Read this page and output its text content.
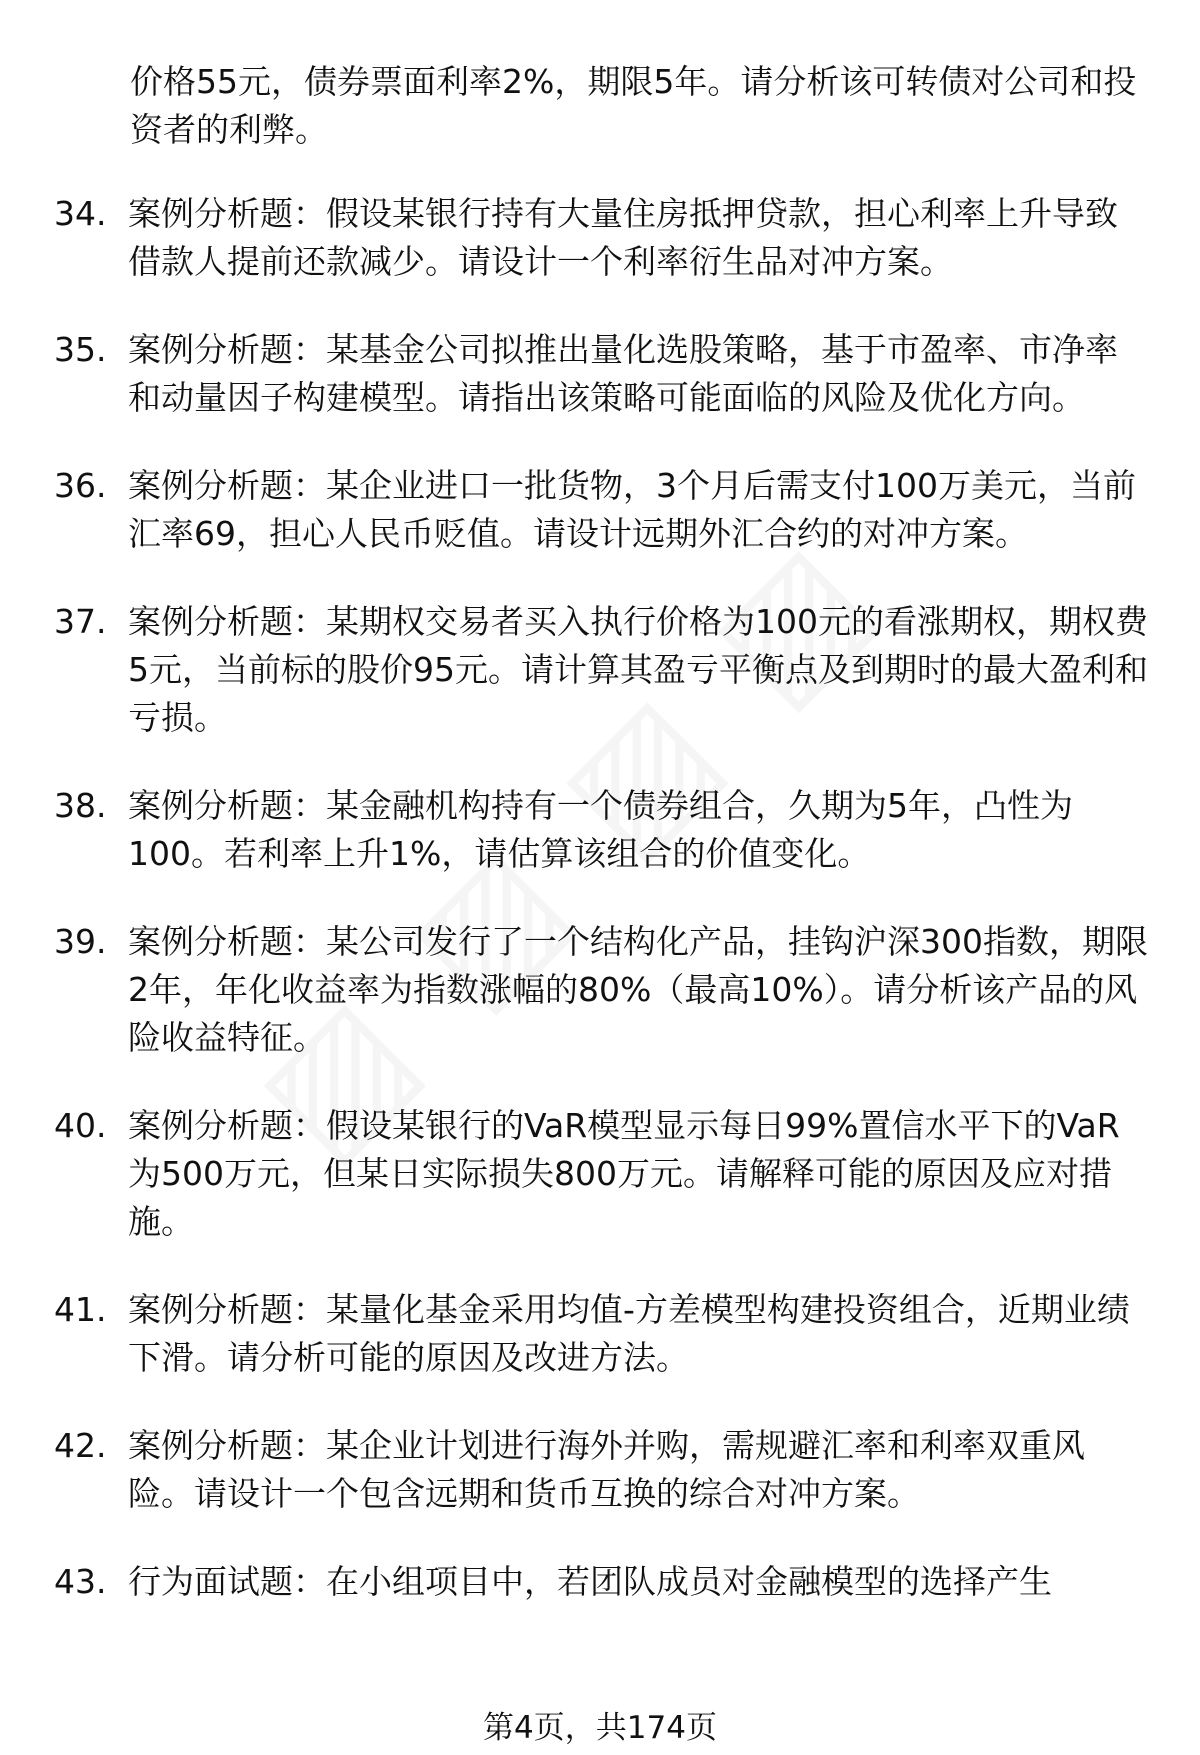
价格55元，债券票面利率2%，期限5年。请分析该可转债对公司和投资者的利弊。
34. 案例分析题：假设某银行持有大量住房抵押贷款，担心利率上升导致借款人提前还款减少。请设计一个利率衍生品对冲方案。
35. 案例分析题：某基金公司拟推出量化选股策略，基于市盈率、市净率和动量因子构建模型。请指出该策略可能面临的风险及优化方向。
36. 案例分析题：某企业进口一批货物，3个月后需支付100万美元，当前汇率69，担心人民币贬值。请设计远期外汇合约的对冲方案。
37. 案例分析题：某期权交易者买入执行价格为100元的看涨期权，期权费5元，当前标的股价95元。请计算其盈亏平衡点及到期时的最大盈利和亏损。
38. 案例分析题：某金融机构持有一个债券组合，久期为5年，凸性为100。若利率上升1%，请估算该组合的价值变化。
39. 案例分析题：某公司发行了一个结构化产品，挂钩沪深300指数，期限2年，年化收益率为指数涨幅的80%（最高10%）。请分析该产品的风险收益特征。
40. 案例分析题：假设某银行的VaR模型显示每日99%置信水平下的VaR为500万元，但某日实际损失800万元。请解释可能的原因及应对措施。
41. 案例分析题：某量化基金采用均值-方差模型构建投资组合，近期业绩下滑。请分析可能的原因及改进方法。
42. 案例分析题：某企业计划进行海外并购，需规避汇率和利率双重风险。请设计一个包含远期和货币互换的综合对冲方案。
43. 行为面试题：在小组项目中，若团队成员对金融模型的选择产生
第4页，共174页
